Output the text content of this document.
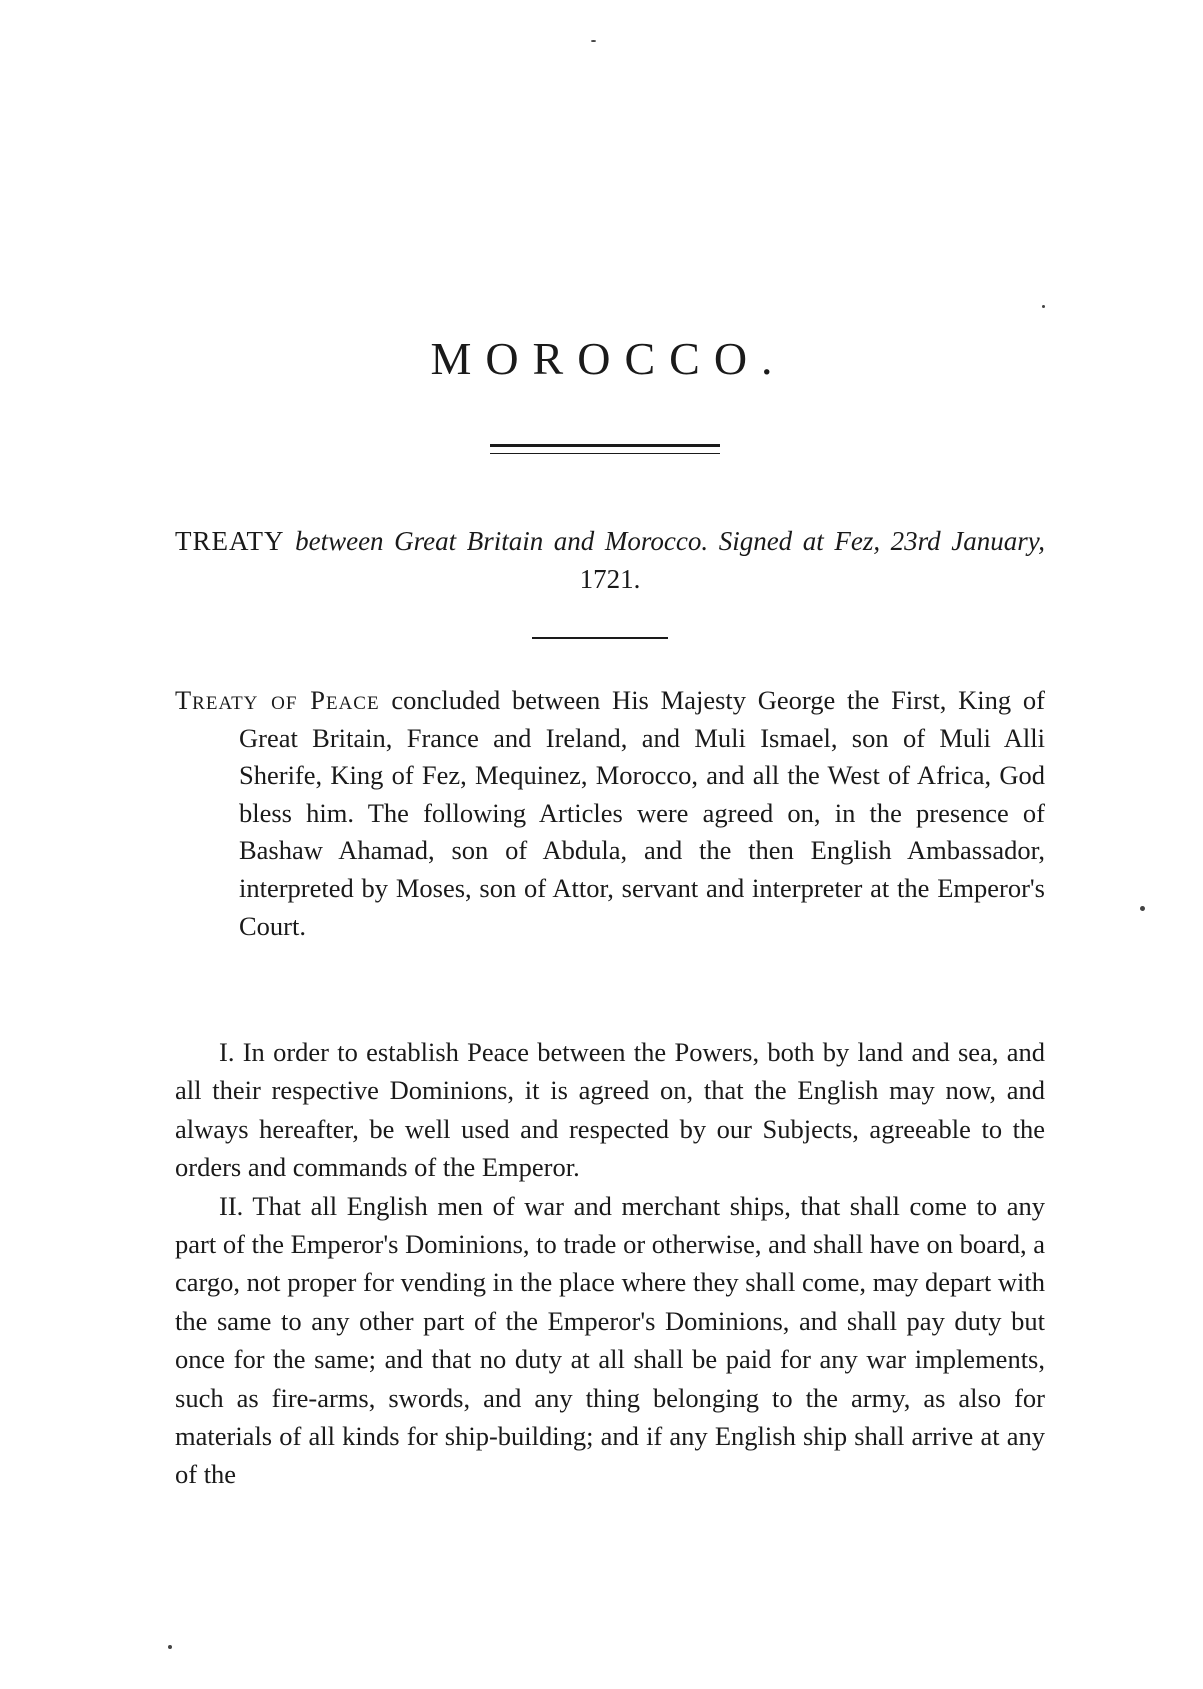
MOROCCO.
TREATY between Great Britain and Morocco. Signed at Fez, 23rd January, 1721.
Treaty of Peace concluded between His Majesty George the First, King of Great Britain, France and Ireland, and Muli Ismael, son of Muli Alli Sherife, King of Fez, Mequinez, Morocco, and all the West of Africa, God bless him. The following Articles were agreed on, in the presence of Bashaw Ahamad, son of Abdula, and the then English Ambassador, interpreted by Moses, son of Attor, servant and interpreter at the Emperor's Court.

I. In order to establish Peace between the Powers, both by land and sea, and all their respective Dominions, it is agreed on, that the English may now, and always hereafter, be well used and respected by our Subjects, agreeable to the orders and commands of the Emperor.

II. That all English men of war and merchant ships, that shall come to any part of the Emperor's Dominions, to trade or otherwise, and shall have on board, a cargo, not proper for vending in the place where they shall come, may depart with the same to any other part of the Emperor's Dominions, and shall pay duty but once for the same; and that no duty at all shall be paid for any war implements, such as fire-arms, swords, and any thing belonging to the army, as also for materials of all kinds for ship-building; and if any English ship shall arrive at any of the
